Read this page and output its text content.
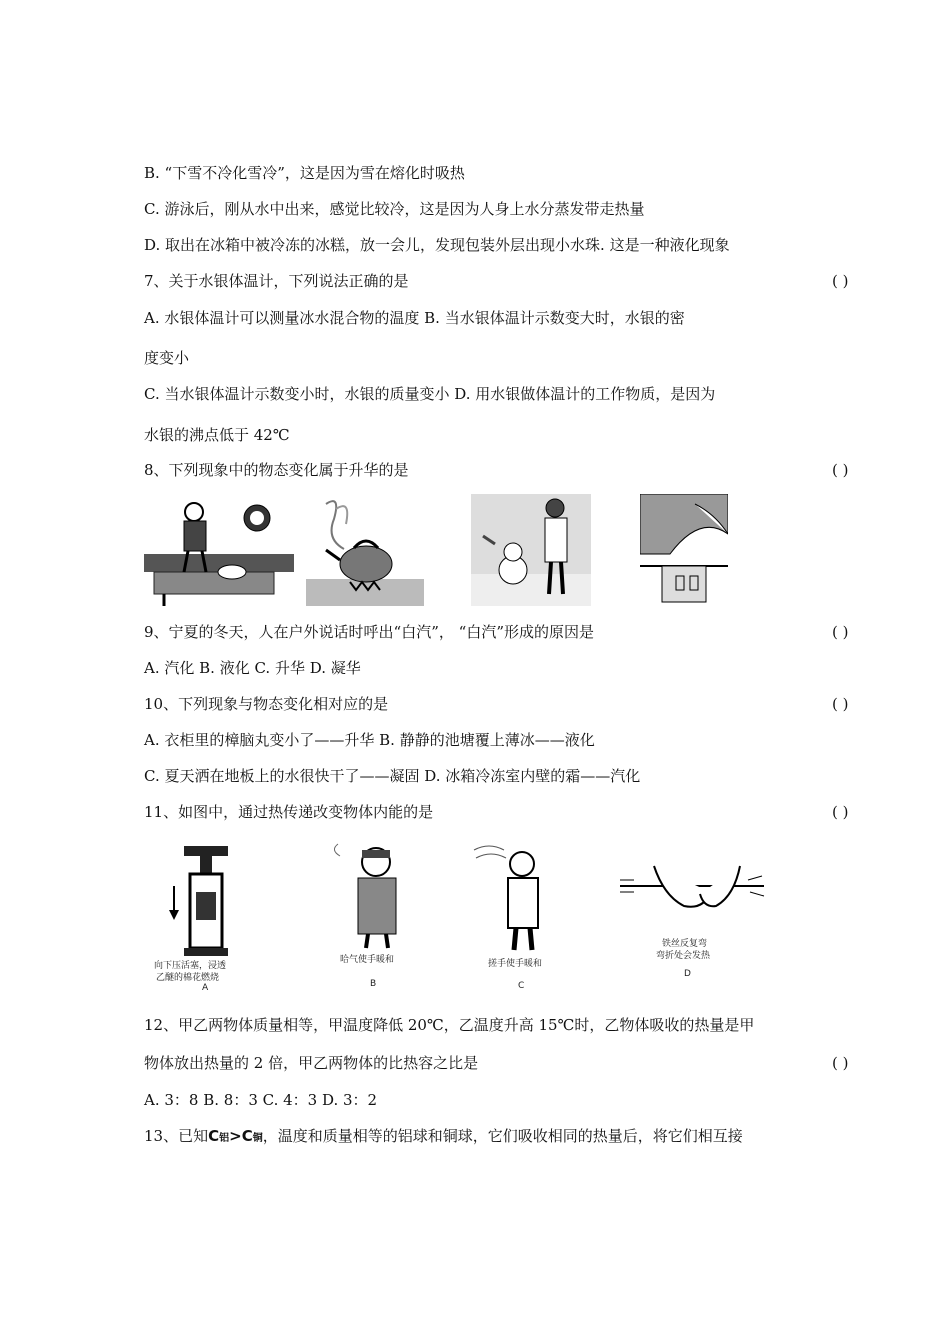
B. “下雪不冷化雪冷”，这是因为雪在熔化时吸热
C. 游泳后，刚从水中出来，感觉比较冷，这是因为人身上水分蒸发带走热量
D. 取出在冰箱中被冷冻的冰糕，放一会儿，发现包装外层出现小水珠. 这是一种液化现象
7、关于水银体温计，下列说法正确的是	( )
A. 水银体温计可以测量冰水混合物的温度 B. 当水银体温计示数变大时，水银的密
度变小
C. 当水银体温计示数变小时，水银的质量变小 D. 用水银做体温计的工作物质，是因为
水银的沸点低于 42℃
8、下列现象中的物态变化属于升华的是	( )
9、宁夏的冬天，人在户外说话时呼出“白汽”， “白汽”形成的原因是	( )
A. 汽化 B. 液化 C. 升华 D. 凝华
10、下列现象与物态变化相对应的是	( )
A. 衣柜里的樟脑丸变小了——升华 B. 静静的池塘覆上薄冰——液化
C. 夏天洒在地板上的水很快干了——凝固 D. 冰箱冷冻室内壁的霜——汽化
11、如图中，通过热传递改变物体内能的是	( )
向下压活塞，浸透
乙醚的棉花燃烧
A
哈气使手暖和
B
搓手使手暖和
C
铁丝反复弯
弯折处会发热
D
12、甲乙两物体质量相等，甲温度降低 20℃，乙温度升高 15℃时，乙物体吸收的热量是甲
物体放出热量的 2 倍，甲乙两物体的比热容之比是	( )
A. 3：8 B. 8：3 C. 4：3 D. 3：2
13、已知C铝>C铜，温度和质量相等的铝球和铜球，它们吸收相同的热量后，将它们相互接
